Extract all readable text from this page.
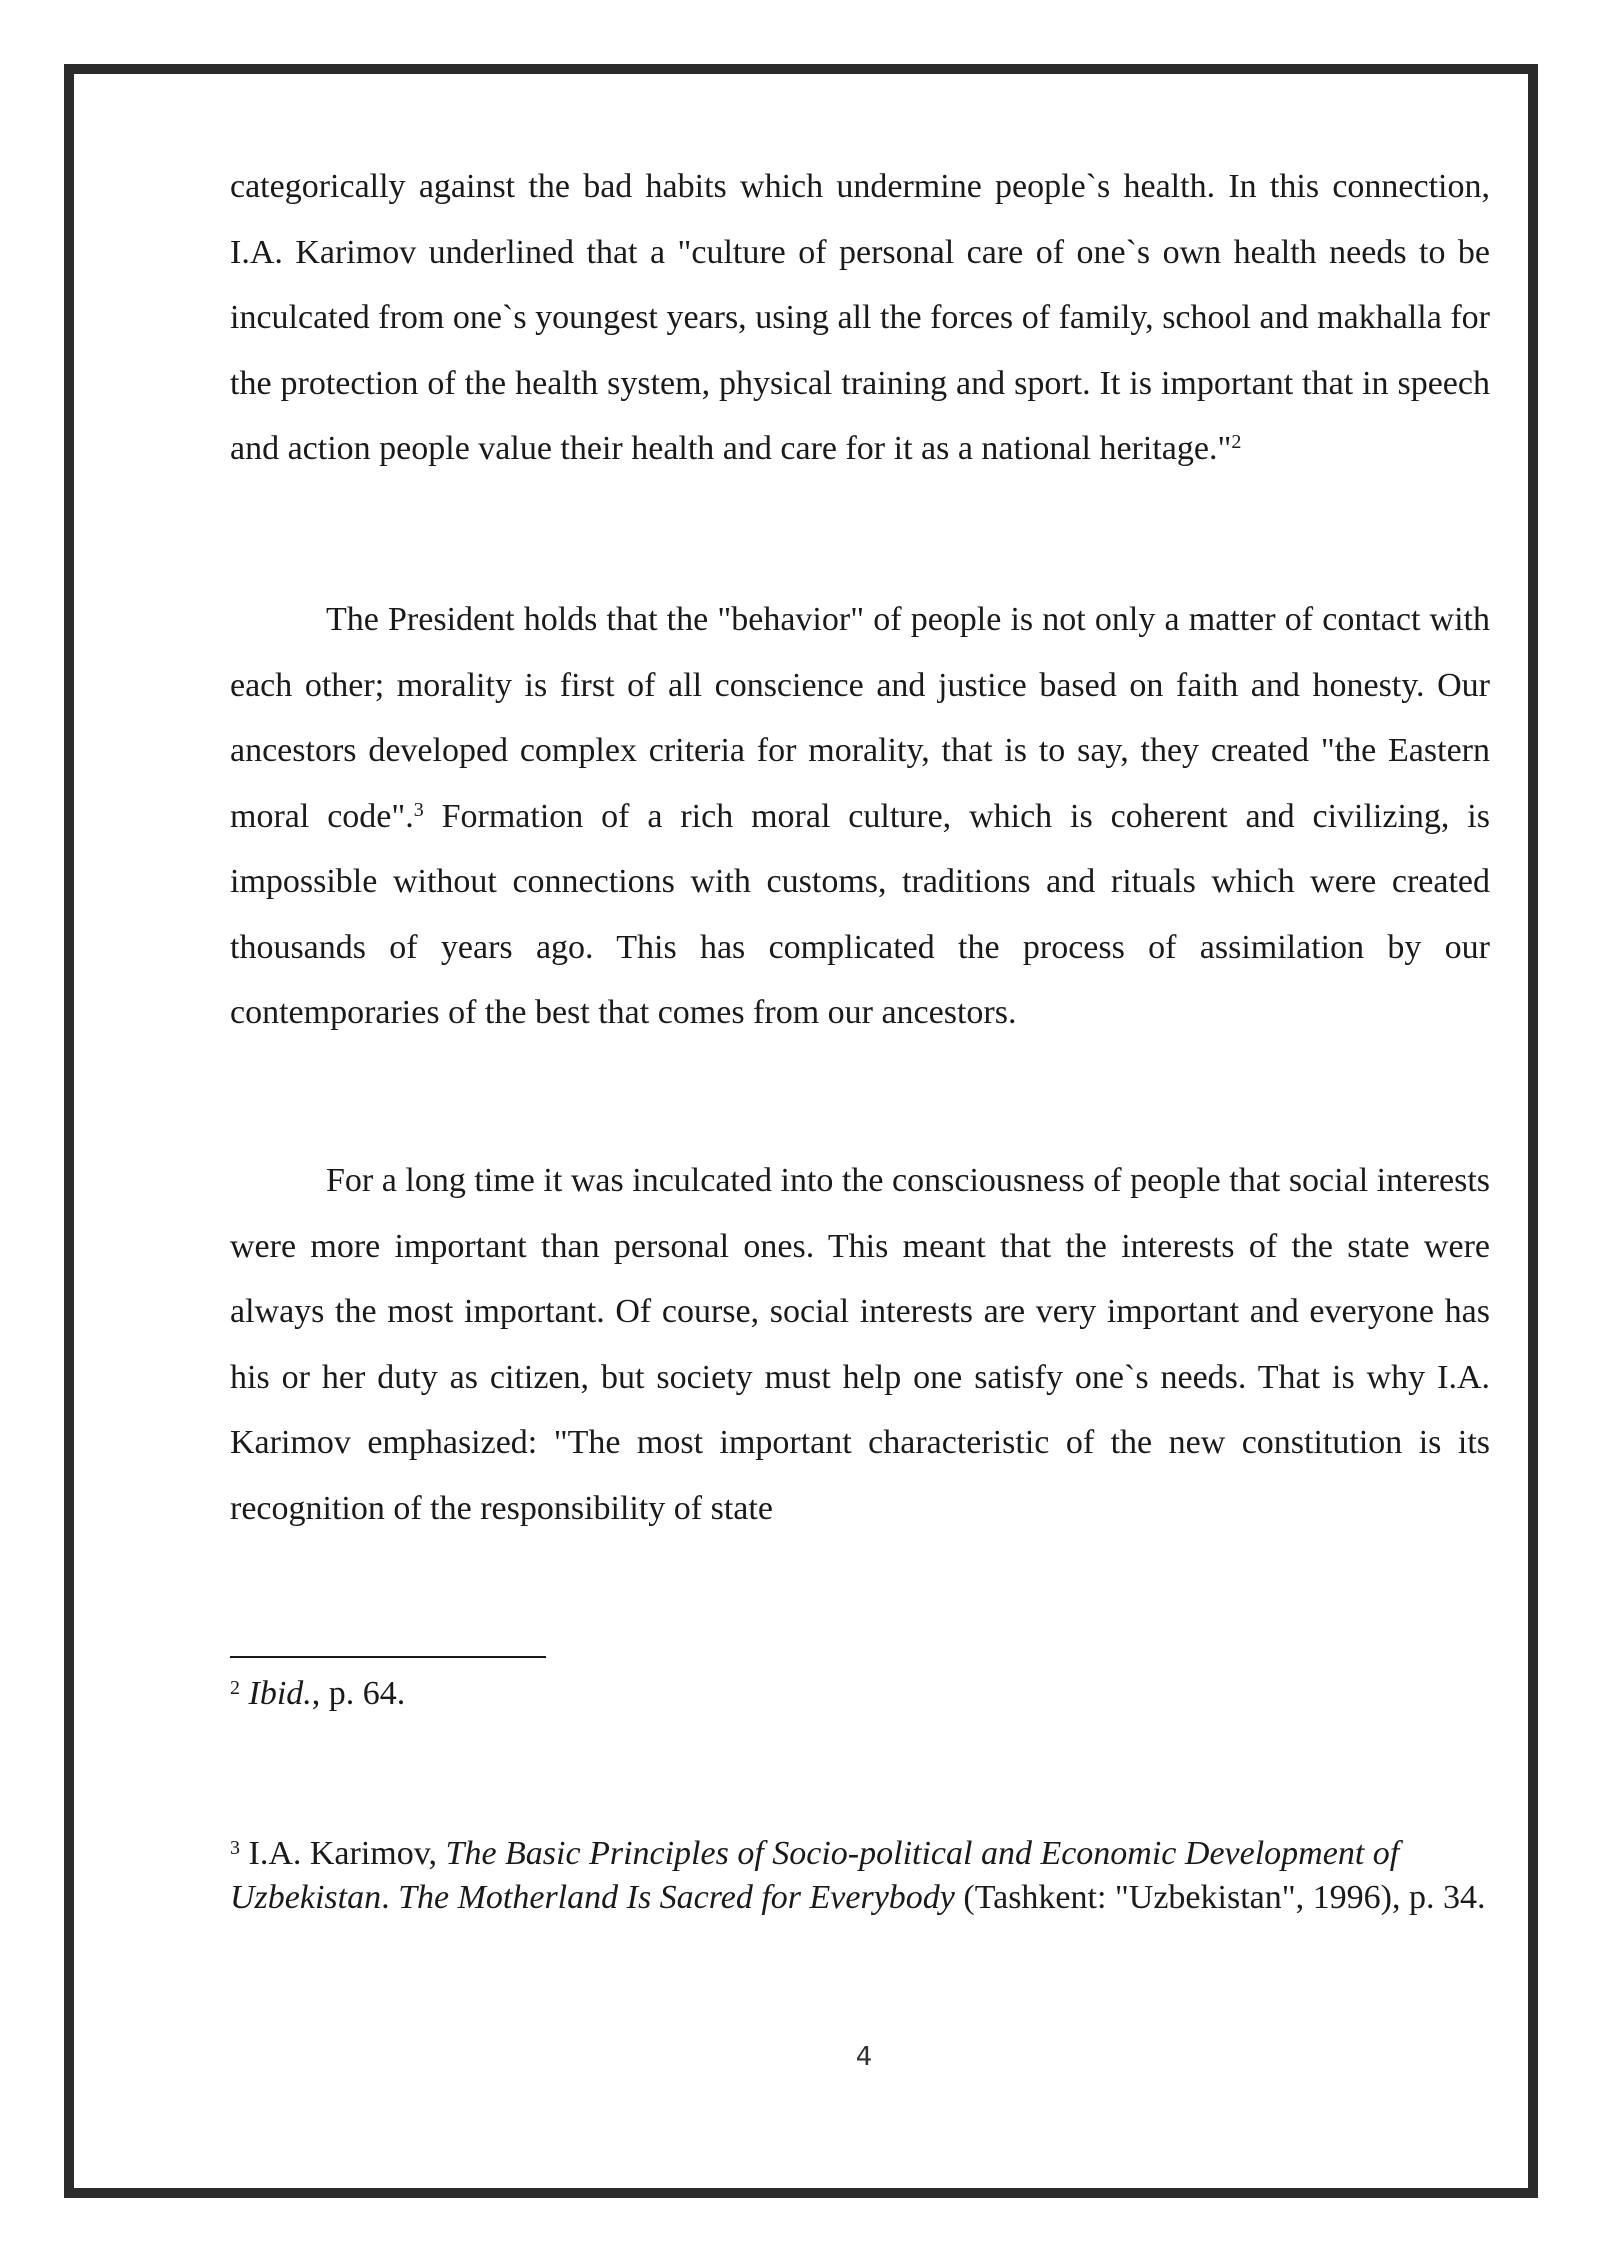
categorically against the bad habits which undermine people`s health. In this connection, I.A. Karimov underlined that a "culture of personal care of one`s own health needs to be inculcated from one`s youngest years, using all the forces of family, school and makhalla for the protection of the health system, physical training and sport. It is important that in speech and action people value their health and care for it as a national heritage."$^2$

The President holds that the "behavior" of people is not only a matter of contact with each other; morality is first of all conscience and justice based on faith and honesty. Our ancestors developed complex criteria for morality, that is to say, they created "the Eastern moral code".$^3$ Formation of a rich moral culture, which is coherent and civilizing, is impossible without connections with customs, traditions and rituals which were created thousands of years ago. This has complicated the process of assimilation by our contemporaries of the best that comes from our ancestors.

For a long time it was inculcated into the consciousness of people that social interests were more important than personal ones. This meant that the interests of the state were always the most important. Of course, social interests are very important and everyone has his or her duty as citizen, but society must help one satisfy one`s needs. That is why I.A. Karimov emphasized: "The most important characteristic of the new constitution is its recognition of the responsibility of state

$^2$ Ibid., p. 64.

$^3$ I.A. Karimov, The Basic Principles of Socio-political and Economic Development of Uzbekistan. The Motherland Is Sacred for Everybody (Tashkent: "Uzbekistan", 1996), p. 34.

4
